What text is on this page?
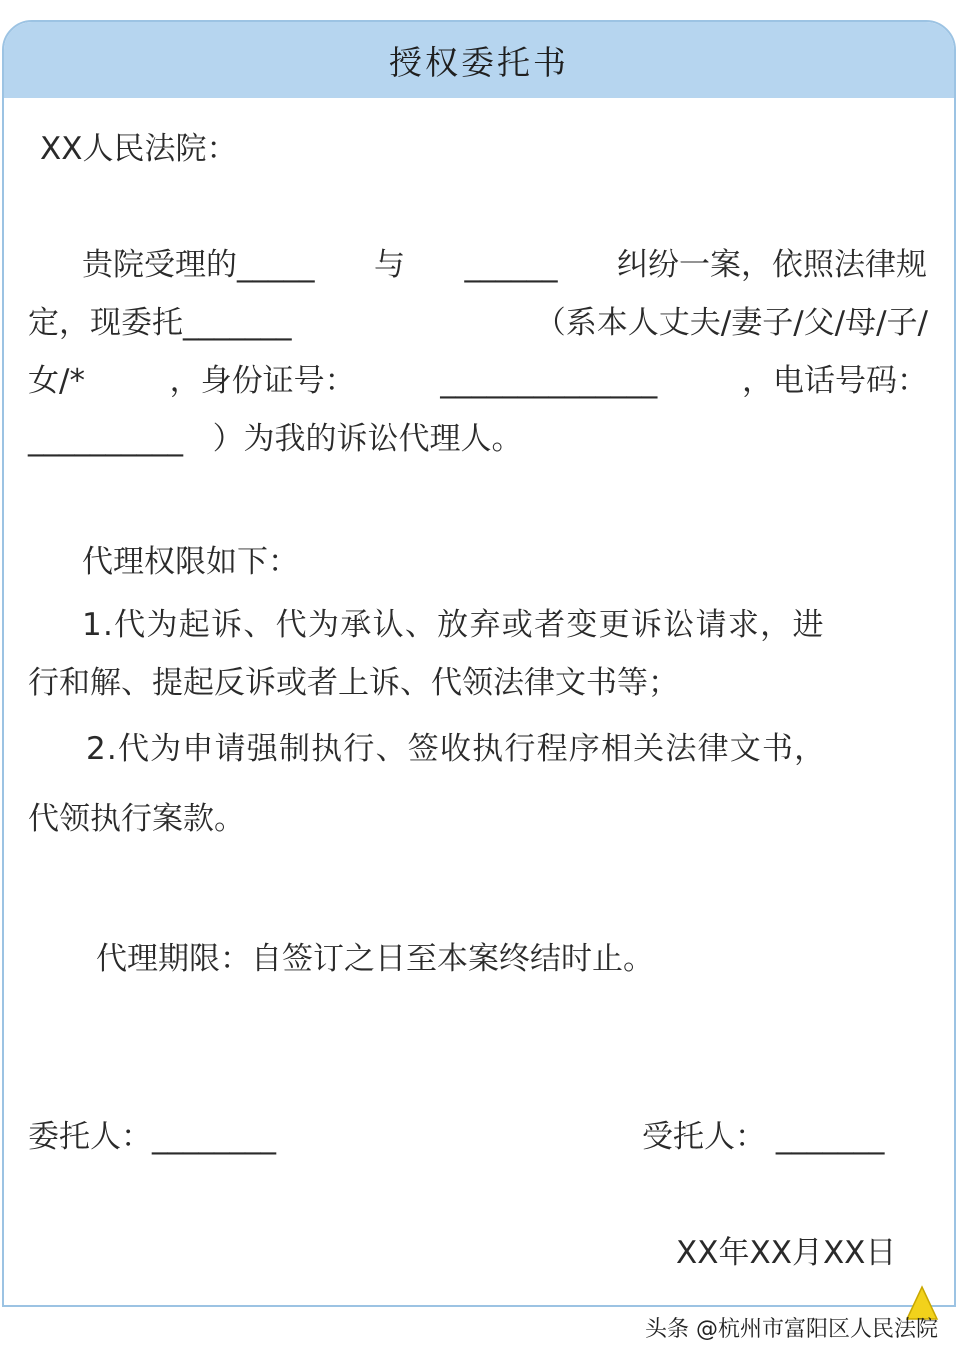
授权委托书
XX人民法院：
贵院受理的_____ 与 ______ 纠纷一案，依照法律规
定，现委托_______	（系本人丈夫/妻子/父/母/子/
女/*	，身份证号：	______________	，电话号码：
__________ ）为我的诉讼代理人。
代理权限如下：
1.代为起诉、代为承认、放弃或者变更诉讼请求，进
行和解、提起反诉或者上诉、代领法律文书等；
2.代为申请强制执行、签收执行程序相关法律文书，
代领执行案款。
代理期限：自签订之日至本案终结时止。
委托人：________	受托人： _______
XX年XX月XX日
头条 @杭州市富阳区人民法院
